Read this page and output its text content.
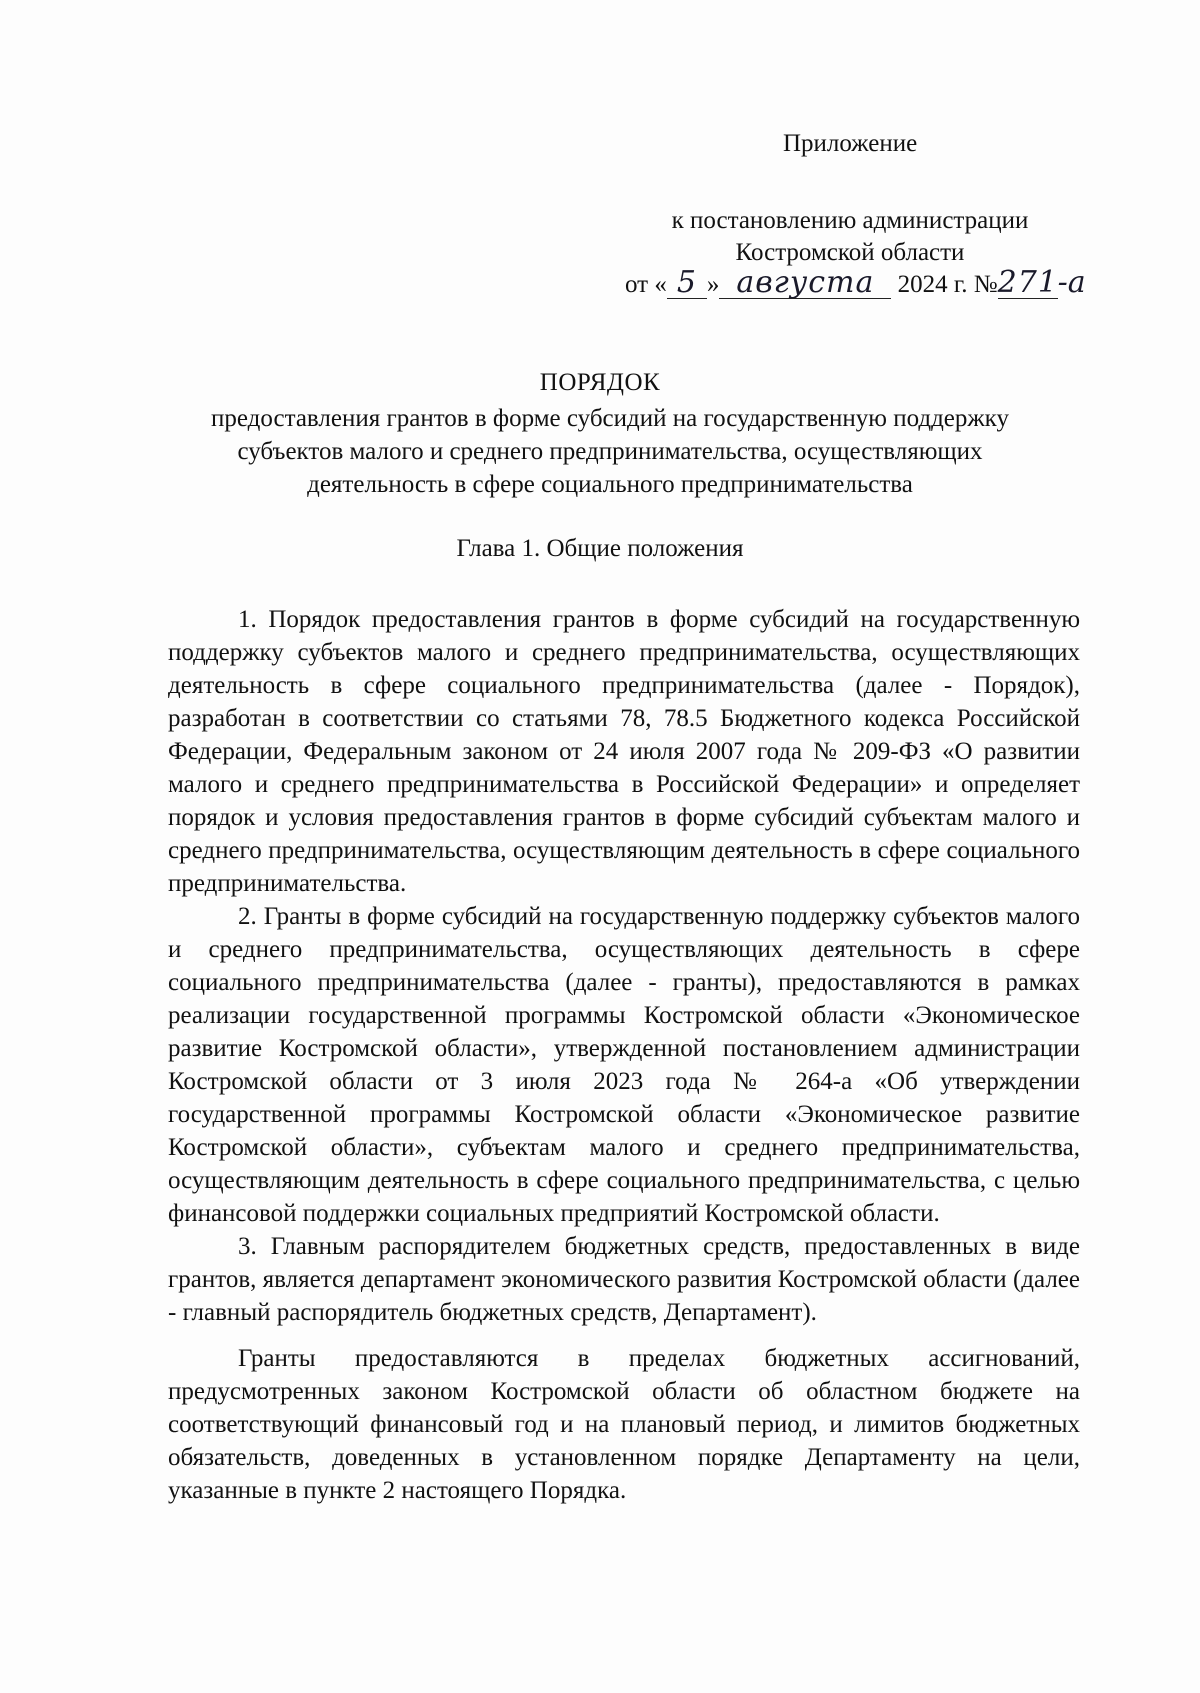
Приложение

к постановлению администрации
Костромской области

от « 5 » августа 2024 г. №271-а
ПОРЯДОК
предоставления грантов в форме субсидий на государственную поддержку
субъектов малого и среднего предпринимательства, осуществляющих
деятельность в сфере социального предпринимательства
Глава 1. Общие положения

1. Порядок предоставления грантов в форме субсидий на государственную поддержку субъектов малого и среднего предпринимательства, осуществляющих деятельность в сфере социального предпринимательства (далее - Порядок), разработан в соответствии со статьями 78, 78.5 Бюджетного кодекса Российской Федерации, Федеральным законом от 24 июля 2007 года № 209-ФЗ «О развитии малого и среднего предпринимательства в Российской Федерации» и определяет порядок и условия предоставления грантов в форме субсидий субъектам малого и среднего предпринимательства, осуществляющим деятельность в сфере социального предпринимательства.

2. Гранты в форме субсидий на государственную поддержку субъектов малого и среднего предпринимательства, осуществляющих деятельность в сфере социального предпринимательства (далее - гранты), предоставляются в рамках реализации государственной программы Костромской области «Экономическое развитие Костромской области», утвержденной постановлением администрации Костромской области от 3 июля 2023 года № 264-а «Об утверждении государственной программы Костромской области «Экономическое развитие Костромской области», субъектам малого и среднего предпринимательства, осуществляющим деятельность в сфере социального предпринимательства, с целью финансовой поддержки социальных предприятий Костромской области.

3. Главным распорядителем бюджетных средств, предоставленных в виде грантов, является департамент экономического развития Костромской области (далее - главный распорядитель бюджетных средств, Департамент).

Гранты предоставляются в пределах бюджетных ассигнований, предусмотренных законом Костромской области об областном бюджете на соответствующий финансовый год и на плановый период, и лимитов бюджетных обязательств, доведенных в установленном порядке Департаменту на цели, указанные в пункте 2 настоящего Порядка.
